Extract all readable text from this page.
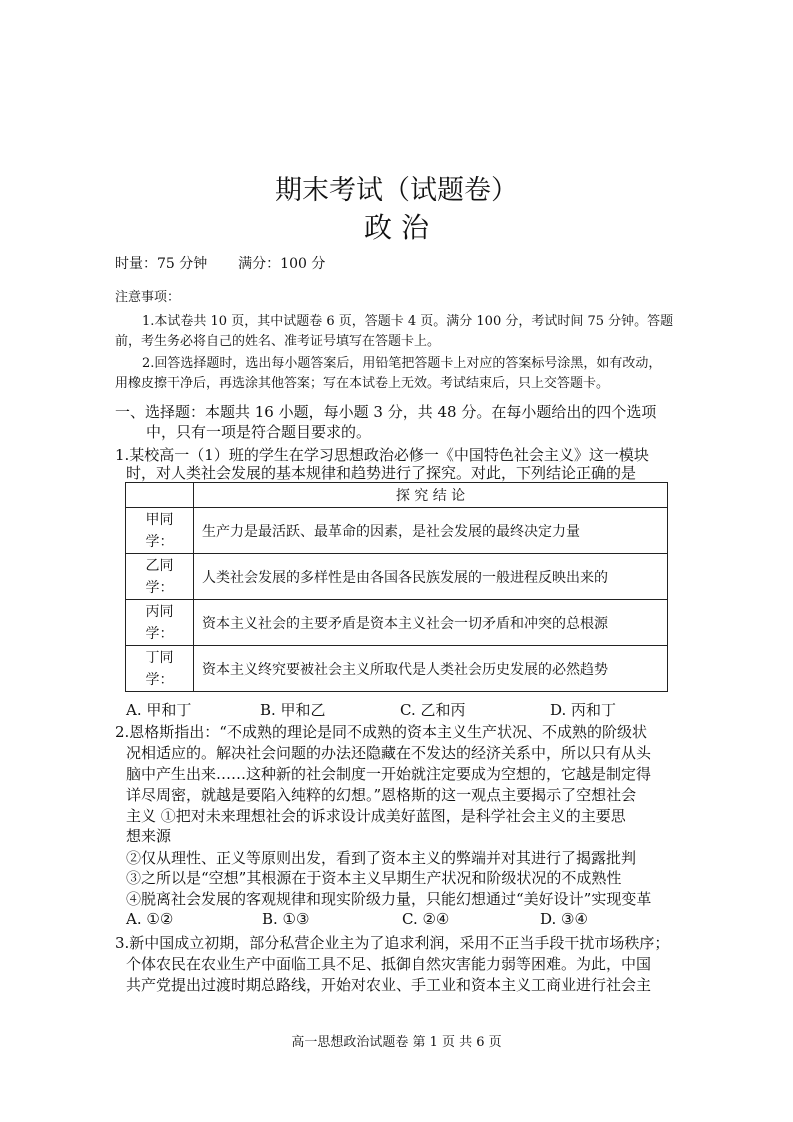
期末考试（试题卷）
政 治
时量：75 分钟 满分：100 分
注意事项：
1.本试卷共 10 页，其中试题卷 6 页，答题卡 4 页。满分 100 分，考试时间 75 分钟。答题
前，考生务必将自己的姓名、准考证号填写在答题卡上。
2.回答选择题时，选出每小题答案后，用铅笔把答题卡上对应的答案标号涂黑，如有改动，
用橡皮擦干净后，再选涂其他答案；写在本试卷上无效。考试结束后，只上交答题卡。
一、选择题：本题共 16 小题，每小题 3 分，共 48 分。在每小题给出的四个选项
中，只有一项是符合题目要求的。
1.某校高一（1）班的学生在学习思想政治必修一《中国特色社会主义》这一模块
时，对人类社会发展的基本规律和趋势进行了探究。对此，下列结论正确的是
	探 究 结 论
甲同
学：	生产力是最活跃、最革命的因素，是社会发展的最终决定力量
乙同
学：	人类社会发展的多样性是由各国各民族发展的一般进程反映出来的
丙同
学：	资本主义社会的主要矛盾是资本主义社会一切矛盾和冲突的总根源
丁同
学：	资本主义终究要被社会主义所取代是人类社会历史发展的必然趋势
A. 甲和丁	B. 甲和乙	C. 乙和丙	D. 丙和丁
2.恩格斯指出：“不成熟的理论是同不成熟的资本主义生产状况、不成熟的阶级状
况相适应的。解决社会问题的办法还隐藏在不发达的经济关系中，所以只有从头
脑中产生出来……这种新的社会制度一开始就注定要成为空想的，它越是制定得
详尽周密，就越是要陷入纯粹的幻想。”恩格斯的这一观点主要揭示了空想社会
主义 ①把对未来理想社会的诉求设计成美好蓝图，是科学社会主义的主要思
想来源
②仅从理性、正义等原则出发，看到了资本主义的弊端并对其进行了揭露批判
③之所以是“空想”其根源在于资本主义早期生产状况和阶级状况的不成熟性
④脱离社会发展的客观规律和现实阶级力量，只能幻想通过“美好设计”实现变革
A. ①②	B. ①③	C. ②④	D. ③④
3.新中国成立初期，部分私营企业主为了追求利润，采用不正当手段干扰市场秩序；
个体农民在农业生产中面临工具不足、抵御自然灾害能力弱等困难。为此，中国
共产党提出过渡时期总路线，开始对农业、手工业和资本主义工商业进行社会主
高一思想政治试题卷 第 1 页 共 6 页
